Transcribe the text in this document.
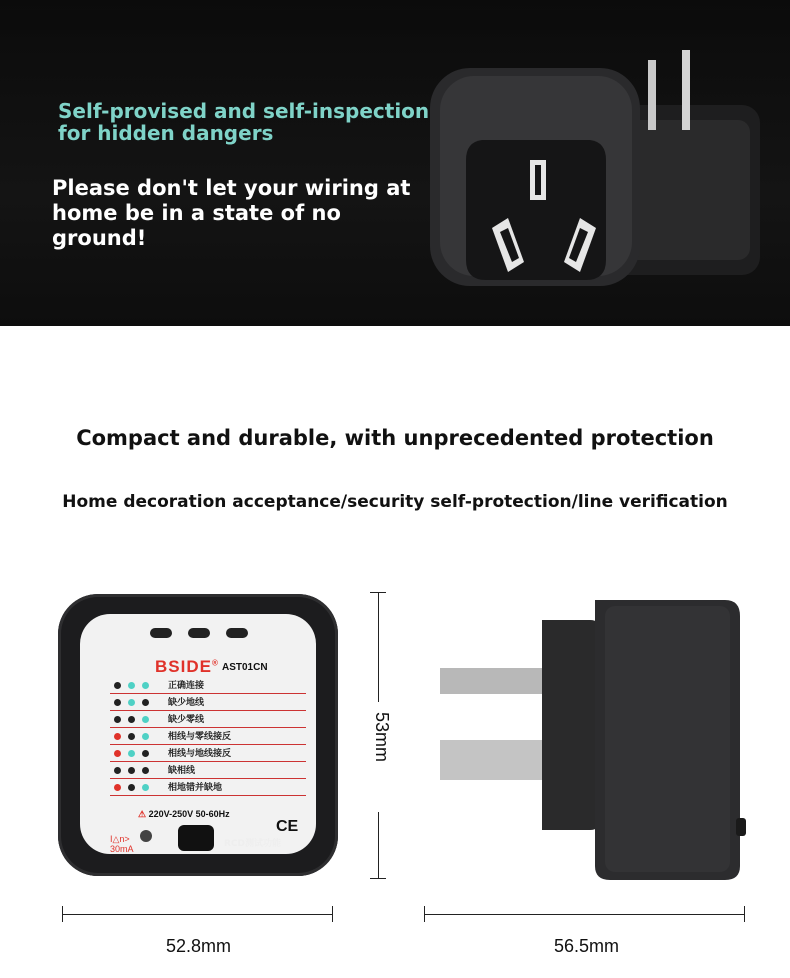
Self-provised and self-inspection
for hidden dangers
Please don't let your wiring at home be in a state of no ground!
Compact and durable, with unprecedented protection
Home decoration acceptance/security self-protection/line verification
BSIDE® AST01CN
正确连接
缺少地线
缺少零线
相线与零线接反
相线与地线接反
缺相线
相地错并缺地
⚠ 220V-250V 50-60Hz
CE
I△n>
30mA	RCD测试功能
53mm
52.8mm	56.5mm
